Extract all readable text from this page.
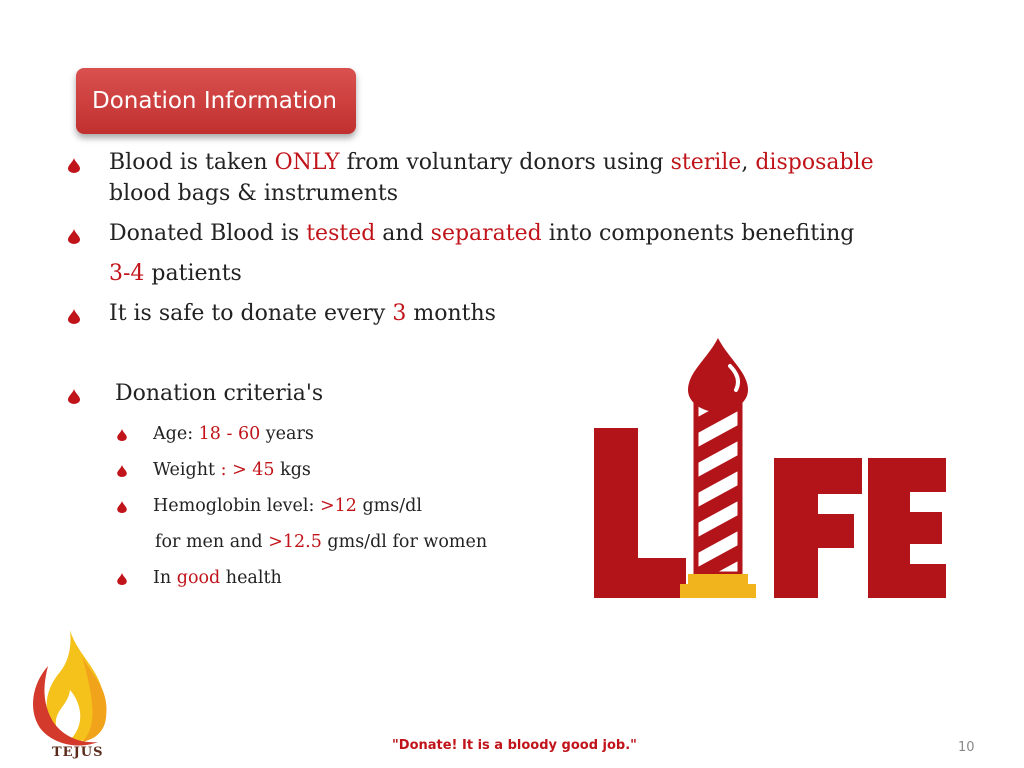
Donation Information
Blood is taken ONLY from voluntary donors using sterile, disposable
blood bags & instruments
Donated Blood is tested and separated into components benefiting
3-4 patients
It is safe to donate every 3 months
Donation criteria's
Age: 18 - 60 years
Weight : > 45 kgs
Hemoglobin level: >12 gms/dl
for men and >12.5 gms/dl for women
In good health
TEJUS	"Donate! It is a bloody good job."	10
